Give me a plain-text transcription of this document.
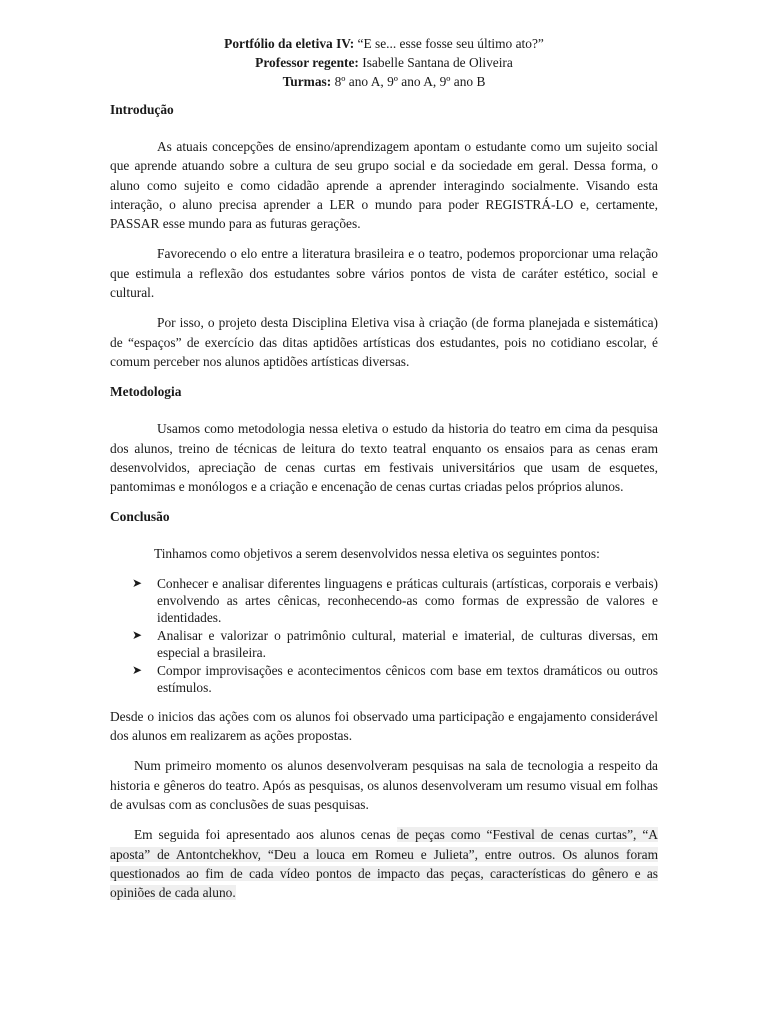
Portfólio da eletiva IV: “E se... esse fosse seu último ato?”
Professor regente: Isabelle Santana de Oliveira
Turmas: 8º ano A, 9º ano A, 9º ano B
Introdução

As atuais concepções de ensino/aprendizagem apontam o estudante como um sujeito social que aprende atuando sobre a cultura de seu grupo social e da sociedade em geral. Dessa forma, o aluno como sujeito e como cidadão aprende a aprender interagindo socialmente. Visando esta interação, o aluno precisa aprender a LER o mundo para poder REGISTRÁ-LO e, certamente, PASSAR esse mundo para as futuras gerações.

Favorecendo o elo entre a literatura brasileira e o teatro, podemos proporcionar uma relação que estimula a reflexão dos estudantes sobre vários pontos de vista de caráter estético, social e cultural.

Por isso, o projeto desta Disciplina Eletiva visa à criação (de forma planejada e sistemática) de “espaços” de exercício das ditas aptidões artísticas dos estudantes, pois no cotidiano escolar, é comum perceber nos alunos aptidões artísticas diversas.

Metodologia

Usamos como metodologia nessa eletiva o estudo da historia do teatro em cima da pesquisa dos alunos, treino de técnicas de leitura do texto teatral enquanto os ensaios para as cenas eram desenvolvidos, apreciação de cenas curtas em festivais universitários que usam de esquetes, pantomimas e monólogos e a criação e encenação de cenas curtas criadas pelos próprios alunos.

Conclusão

Tinhamos como objetivos a serem desenvolvidos nessa eletiva os seguintes pontos:

➤ Conhecer e analisar diferentes linguagens e práticas culturais (artísticas, corporais e verbais) envolvendo as artes cênicas, reconhecendo-as como formas de expressão de valores e identidades.
➤ Analisar e valorizar o patrimônio cultural, material e imaterial, de culturas diversas, em especial a brasileira.
➤ Compor improvisações e acontecimentos cênicos com base em textos dramáticos ou outros estímulos.

Desde o inicios das ações com os alunos foi observado uma participação e engajamento considerável dos alunos em realizarem as ações propostas.

Num primeiro momento os alunos desenvolveram pesquisas na sala de tecnologia a respeito da historia e gêneros do teatro. Após as pesquisas, os alunos desenvolveram um resumo visual em folhas de avulsas com as conclusões de suas pesquisas.

Em seguida foi apresentado aos alunos cenas de peças como “Festival de cenas curtas”, “A aposta” de Antontchekhov, “Deu a louca em Romeu e Julieta”, entre outros. Os alunos foram questionados ao fim de cada vídeo pontos de impacto das peças, características do gênero e as opiniões de cada aluno.
